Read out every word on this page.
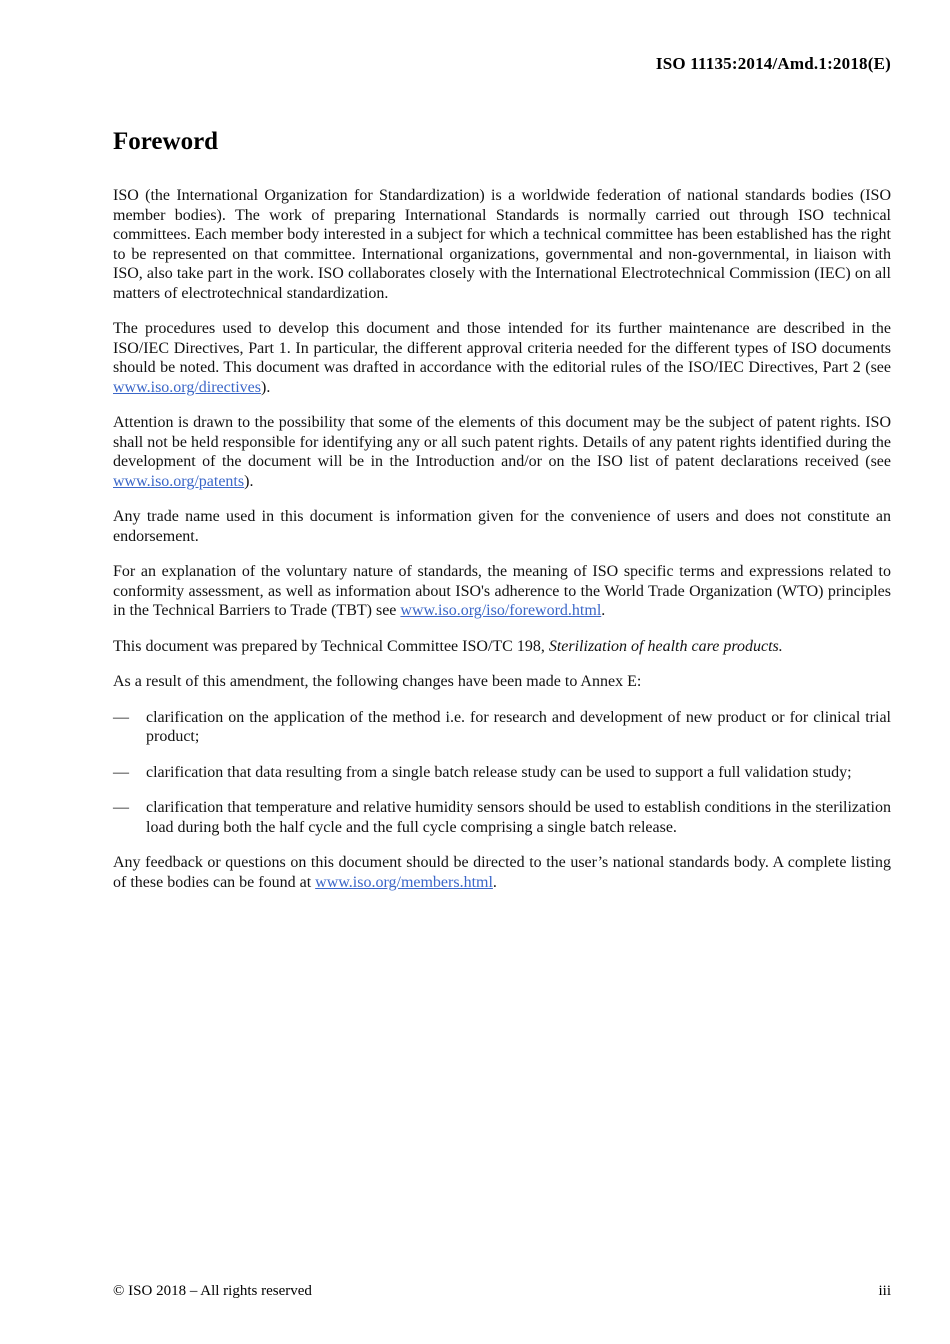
ISO 11135:2014/Amd.1:2018(E)
Foreword

ISO (the International Organization for Standardization) is a worldwide federation of national standards bodies (ISO member bodies). The work of preparing International Standards is normally carried out through ISO technical committees. Each member body interested in a subject for which a technical committee has been established has the right to be represented on that committee. International organizations, governmental and non-governmental, in liaison with ISO, also take part in the work. ISO collaborates closely with the International Electrotechnical Commission (IEC) on all matters of electrotechnical standardization.

The procedures used to develop this document and those intended for its further maintenance are described in the ISO/IEC Directives, Part 1. In particular, the different approval criteria needed for the different types of ISO documents should be noted. This document was drafted in accordance with the editorial rules of the ISO/IEC Directives, Part 2 (see www.iso.org/directives).

Attention is drawn to the possibility that some of the elements of this document may be the subject of patent rights. ISO shall not be held responsible for identifying any or all such patent rights. Details of any patent rights identified during the development of the document will be in the Introduction and/or on the ISO list of patent declarations received (see www.iso.org/patents).

Any trade name used in this document is information given for the convenience of users and does not constitute an endorsement.

For an explanation of the voluntary nature of standards, the meaning of ISO specific terms and expressions related to conformity assessment, as well as information about ISO's adherence to the World Trade Organization (WTO) principles in the Technical Barriers to Trade (TBT) see www.iso.org/iso/foreword.html.

This document was prepared by Technical Committee ISO/TC 198, Sterilization of health care products.

As a result of this amendment, the following changes have been made to Annex E:

— clarification on the application of the method i.e. for research and development of new product or for clinical trial product;
— clarification that data resulting from a single batch release study can be used to support a full validation study;
— clarification that temperature and relative humidity sensors should be used to establish conditions in the sterilization load during both the half cycle and the full cycle comprising a single batch release.

Any feedback or questions on this document should be directed to the user’s national standards body. A complete listing of these bodies can be found at www.iso.org/members.html.

© ISO 2018 – All rights reserved	iii
